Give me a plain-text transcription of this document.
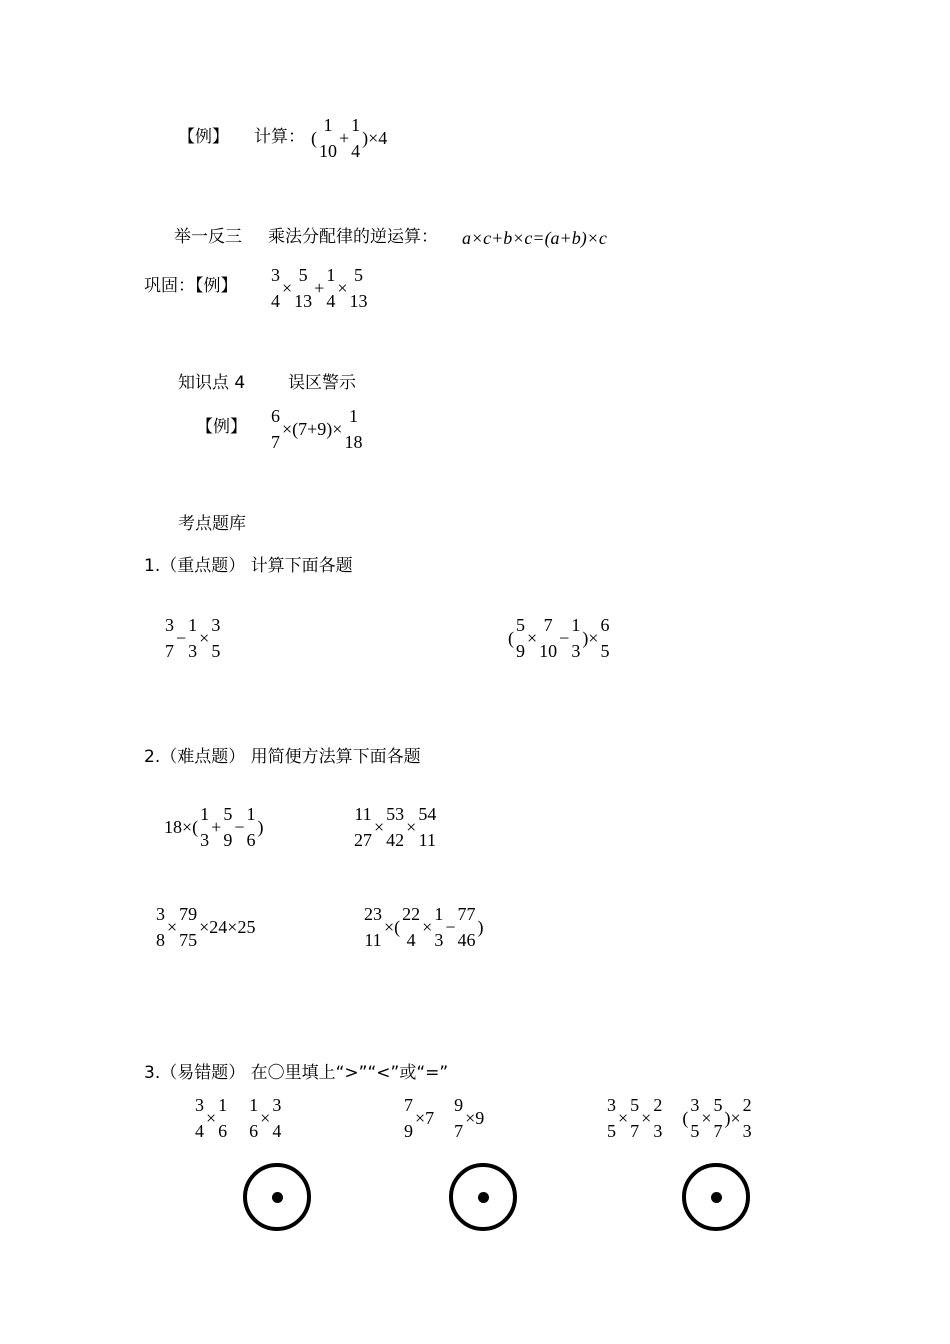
【例】 计算： (
1
10
+
1
4
)×4
举一反三 乘法分配律的逆运算： a×c+b×c=(a+b)×c
巩固：【例】
3
4
×
5
13
+
1
4
×
5
13
知识点 4	误区警示
【例】
6
7
×(7+9)×
1
18
考点题库
1.（重点题） 计算下面各题
3
7
−
1
3
×
3
5
(
5
9
×
7
10
−
1
3
)×
6
5
2.（难点题） 用简便方法算下面各题
18×(
1
3
+
5
9
−
1
6
)
11
27
×
53
42
×
54
11
3
8
×
79
75
×24×25
23
11
×(
22
4
×
1
3
−
77
46
)
3.（易错题） 在〇里填上“>”“<”或“=”
3
4
×
1
6

1
6
×
3
4
7
9
×7 
9
7
×9
3
5
×
5
7
×
2
3
 (
3
5
×
5
7
)×
2
3
